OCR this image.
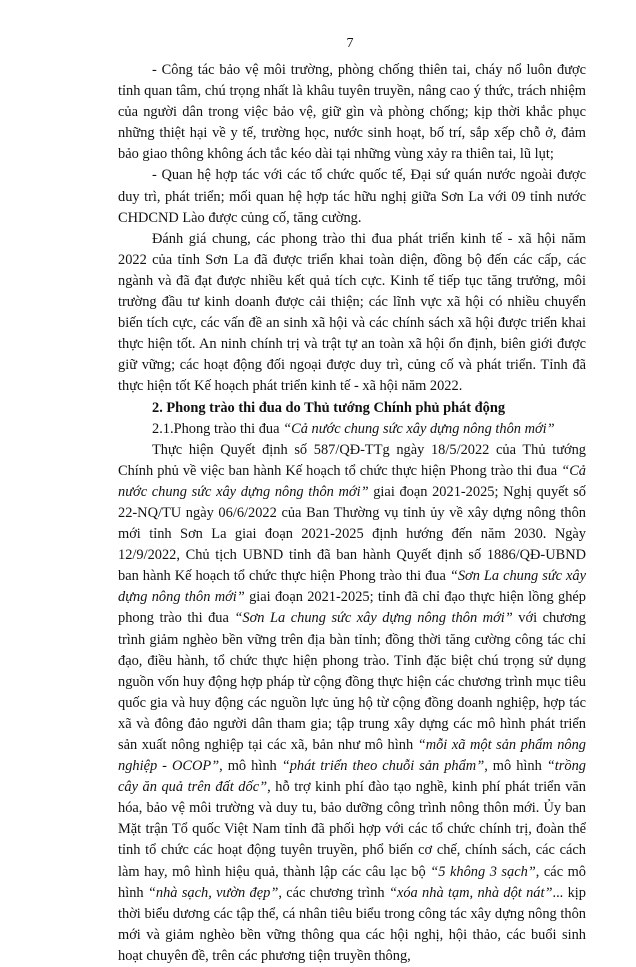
7

- Công tác bảo vệ môi trường, phòng chống thiên tai, cháy nổ luôn được tỉnh quan tâm, chú trọng nhất là khâu tuyên truyền, nâng cao ý thức, trách nhiệm của người dân trong việc bảo vệ, giữ gìn và phòng chống; kịp thời khắc phục những thiệt hại về y tế, trường học, nước sinh hoạt, bố trí, sắp xếp chỗ ở, đảm bảo giao thông không ách tắc kéo dài tại những vùng xảy ra thiên tai, lũ lụt;

- Quan hệ hợp tác với các tổ chức quốc tế, Đại sứ quán nước ngoài được duy trì, phát triển; mối quan hệ hợp tác hữu nghị giữa Sơn La với 09 tỉnh nước CHDCND Lào được củng cố, tăng cường.

Đánh giá chung, các phong trào thi đua phát triển kinh tế - xã hội năm 2022 của tỉnh Sơn La đã được triển khai toàn diện, đồng bộ đến các cấp, các ngành và đã đạt được nhiều kết quả tích cực. Kinh tế tiếp tục tăng trưởng, môi trường đầu tư kinh doanh được cải thiện; các lĩnh vực xã hội có nhiều chuyển biến tích cực, các vấn đề an sinh xã hội và các chính sách xã hội được triển khai thực hiện tốt. An ninh chính trị và trật tự an toàn xã hội ổn định, biên giới được giữ vững; các hoạt động đối ngoại được duy trì, củng cố và phát triển. Tỉnh đã thực hiện tốt Kế hoạch phát triển kinh tế - xã hội năm 2022.

2. Phong trào thi đua do Thủ tướng Chính phủ phát động

2.1.Phong trào thi đua “Cả nước chung sức xây dựng nông thôn mới”

Thực hiện Quyết định số 587/QĐ-TTg ngày 18/5/2022 của Thủ tướng Chính phủ về việc ban hành Kế hoạch tổ chức thực hiện Phong trào thi đua “Cả nước chung sức xây dựng nông thôn mới” giai đoạn 2021-2025; Nghị quyết số 22-NQ/TU ngày 06/6/2022 của Ban Thường vụ tỉnh ủy về xây dựng nông thôn mới tỉnh Sơn La giai đoạn 2021-2025 định hướng đến năm 2030. Ngày 12/9/2022, Chủ tịch UBND tỉnh đã ban hành Quyết định số 1886/QĐ-UBND ban hành Kế hoạch tổ chức thực hiện Phong trào thi đua “Sơn La chung sức xây dựng nông thôn mới” giai đoạn 2021-2025; tỉnh đã chỉ đạo thực hiện lồng ghép phong trào thi đua “Sơn La chung sức xây dựng nông thôn mới” với chương trình giảm nghèo bền vững trên địa bàn tỉnh; đồng thời tăng cường công tác chỉ đạo, điều hành, tổ chức thực hiện phong trào. Tỉnh đặc biệt chú trọng sử dụng nguồn vốn huy động hợp pháp từ cộng đồng thực hiện các chương trình mục tiêu quốc gia và huy động các nguồn lực ủng hộ từ cộng đồng doanh nghiệp, hợp tác xã và đông đảo người dân tham gia; tập trung xây dựng các mô hình phát triển sản xuất nông nghiệp tại các xã, bản như mô hình “mỗi xã một sản phẩm nông nghiệp - OCOP”, mô hình “phát triển theo chuỗi sản phẩm”, mô hình “trồng cây ăn quả trên đất dốc”, hỗ trợ kinh phí đào tạo nghề, kinh phí phát triển văn hóa, bảo vệ môi trường và duy tu, bảo dưỡng công trình nông thôn mới. Ủy ban Mặt trận Tổ quốc Việt Nam tỉnh đã phối hợp với các tổ chức chính trị, đoàn thể tỉnh tổ chức các hoạt động tuyên truyền, phổ biến cơ chế, chính sách, các cách làm hay, mô hình hiệu quả, thành lập các câu lạc bộ “5 không 3 sạch”, các mô hình “nhà sạch, vườn đẹp”, các chương trình “xóa nhà tạm, nhà dột nát”... kịp thời biểu dương các tập thể, cá nhân tiêu biểu trong công tác xây dựng nông thôn mới và giảm nghèo bền vững thông qua các hội nghị, hội thảo, các buổi sinh hoạt chuyên đề, trên các phương tiện truyền thông,
